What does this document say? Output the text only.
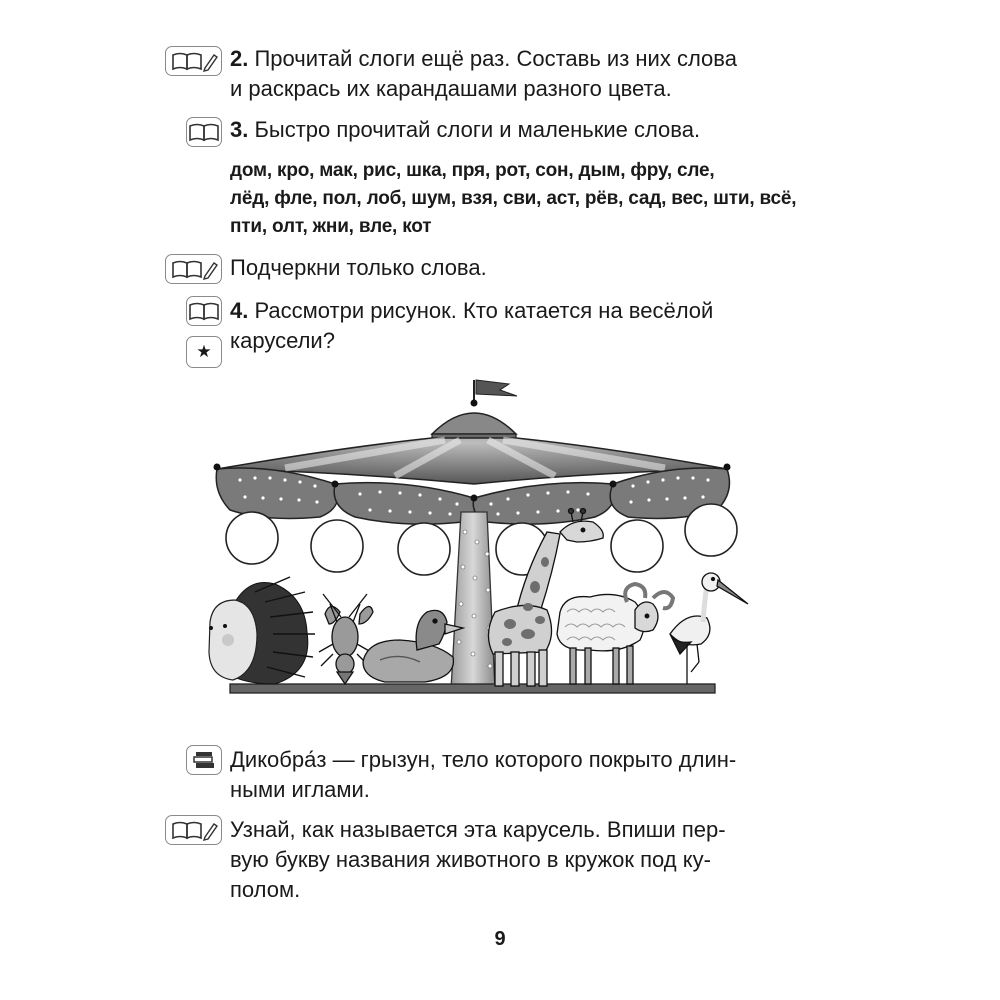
2. Прочитай слоги ещё раз. Составь из них слова
и раскрась их карандашами разного цвета.
3. Быстро прочитай слоги и маленькие слова.
дом, кро, мак, рис, шка, пря, рот, сон, дым, фру, сле,
лёд, фле, пол, лоб, шум, взя, сви, аст, рёв, сад, вес, шти, всё,
пти, олт, жни, вле, кот
Подчеркни только слова.
★
4. Рассмотри рисунок. Кто катается на весёлой
карусели?
Дикобра́з — грызун, тело которого покрыто длин-
ными иглами.
Узнай, как называется эта карусель. Впиши пер-
вую букву названия животного в кружок под ку-
полом.
9
